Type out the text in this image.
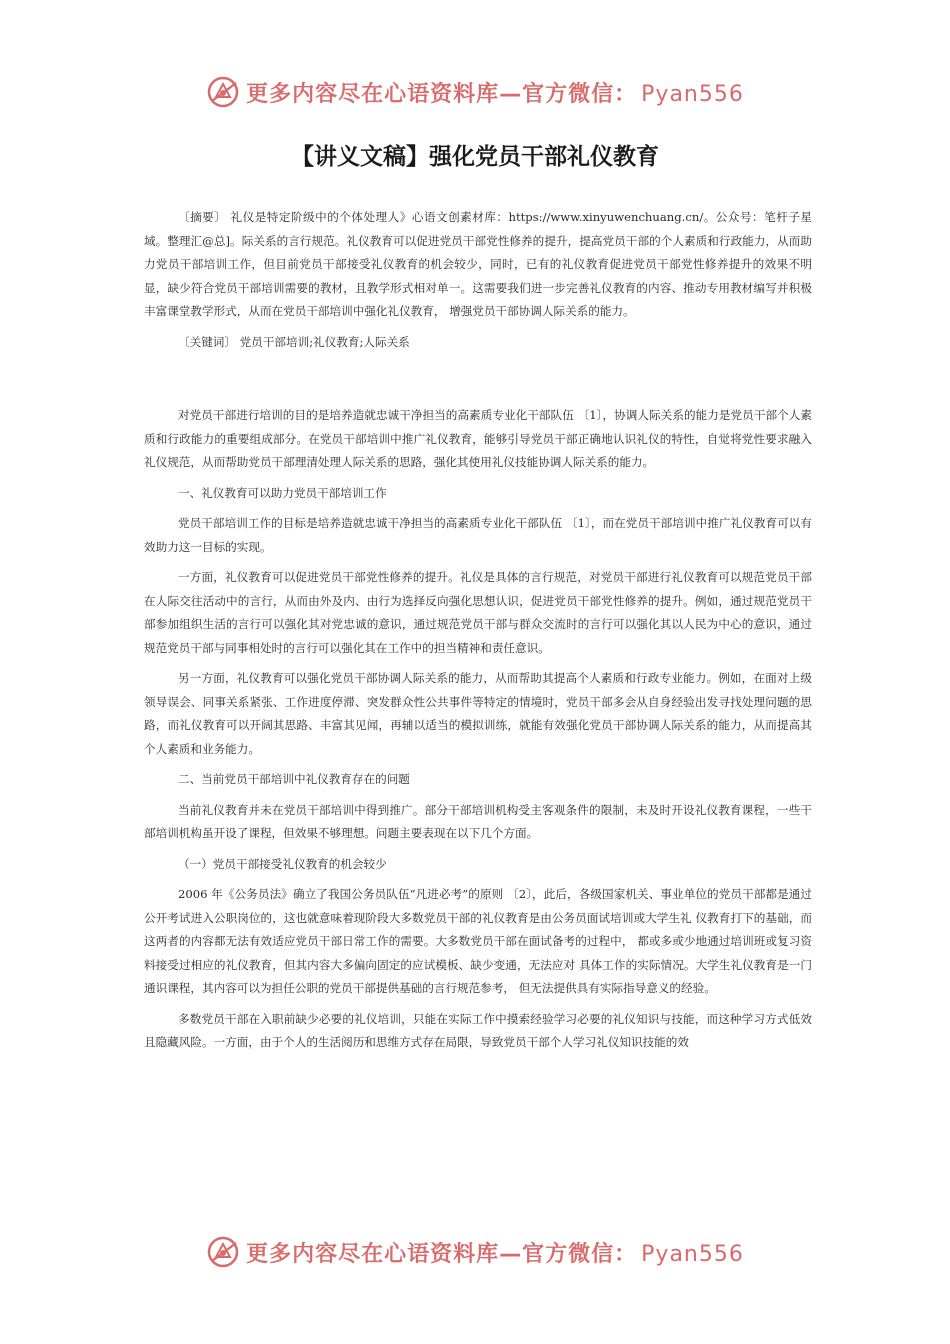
更多内容尽在心语资料库—官方微信： Pyan556
【讲义文稿】强化党员干部礼仪教育

〔摘要〕 礼仪是特定阶级中的个体处理人》心语文创素材库：https://www.xinyuwenchuang.cn/。公众号：笔杆子星域。整理汇@总]。际关系的言行规范。礼仪教育可以促进党员干部党性修养的提升，提高党员干部的个人素质和行政能力，从而助力党员干部培训工作，但目前党员干部接受礼仪教育的机会较少，同时，已有的礼仪教育促进党员干部党性修养提升的效果不明显，缺少符合党员干部培训需要的教材，且教学形式相对单一。这需要我们进一步完善礼仪教育的内容、推动专用教材编写并积极丰富课堂教学形式，从而在党员干部培训中强化礼仪教育， 增强党员干部协调人际关系的能力。

〔关键词〕 党员干部培训;礼仪教育;人际关系

对党员干部进行培训的目的是培养造就忠诚干净担当的高素质专业化干部队伍 〔1〕，协调人际关系的能力是党员干部个人素质和行政能力的重要组成部分。在党员干部培训中推广礼仪教育，能够引导党员干部正确地认识礼仪的特性，自觉将党性要求融入礼仪规范，从而帮助党员干部理清处理人际关系的思路，强化其使用礼仪技能协调人际关系的能力。

一、礼仪教育可以助力党员干部培训工作

党员干部培训工作的目标是培养造就忠诚干净担当的高素质专业化干部队伍 〔1〕，而在党员干部培训中推广礼仪教育可以有效助力这一目标的实现。

一方面，礼仪教育可以促进党员干部党性修养的提升。礼仪是具体的言行规范，对党员干部进行礼仪教育可以规范党员干部在人际交往活动中的言行，从而由外及内、由行为选择反向强化思想认识，促进党员干部党性修养的提升。例如，通过规范党员干部参加组织生活的言行可以强化其对党忠诚的意识，通过规范党员干部与群众交流时的言行可以强化其以人民为中心的意识，通过规范党员干部与同事相处时的言行可以强化其在工作中的担当精神和责任意识。

另一方面，礼仪教育可以强化党员干部协调人际关系的能力，从而帮助其提高个人素质和行政专业能力。例如，在面对上级领导误会、同事关系紧张、工作进度停滞、突发群众性公共事件等特定的情境时，党员干部多会从自身经验出发寻找处理问题的思路，而礼仪教育可以开阔其思路、丰富其见闻，再辅以适当的模拟训练，就能有效强化党员干部协调人际关系的能力，从而提高其个人素质和业务能力。

二、当前党员干部培训中礼仪教育存在的问题

当前礼仪教育并未在党员干部培训中得到推广。部分干部培训机构受主客观条件的限制，未及时开设礼仪教育课程，一些干部培训机构虽开设了课程，但效果不够理想。问题主要表现在以下几个方面。

（一）党员干部接受礼仪教育的机会较少

2006 年《公务员法》确立了我国公务员队伍“凡进必考”的原则 〔2〕，此后，各级国家机关、事业单位的党员干部都是通过公开考试进入公职岗位的，这也就意味着现阶段大多数党员干部的礼仪教育是由公务员面试培训或大学生礼 仪教育打下的基础，而这两者的内容都无法有效适应党员干部日常工作的需要。大多数党员干部在面试备考的过程中， 都或多或少地通过培训班或复习资料接受过相应的礼仪教育，但其内容大多偏向固定的应试模板、缺少变通，无法应对 具体工作的实际情况。大学生礼仪教育是一门通识课程，其内容可以为担任公职的党员干部提供基础的言行规范参考， 但无法提供具有实际指导意义的经验。

多数党员干部在入职前缺少必要的礼仪培训，只能在实际工作中摸索经验学习必要的礼仪知识与技能，而这种学习方式低效且隐藏风险。一方面，由于个人的生活阅历和思维方式存在局限，导致党员干部个人学习礼仪知识技能的效

更多内容尽在心语资料库—官方微信： Pyan556
